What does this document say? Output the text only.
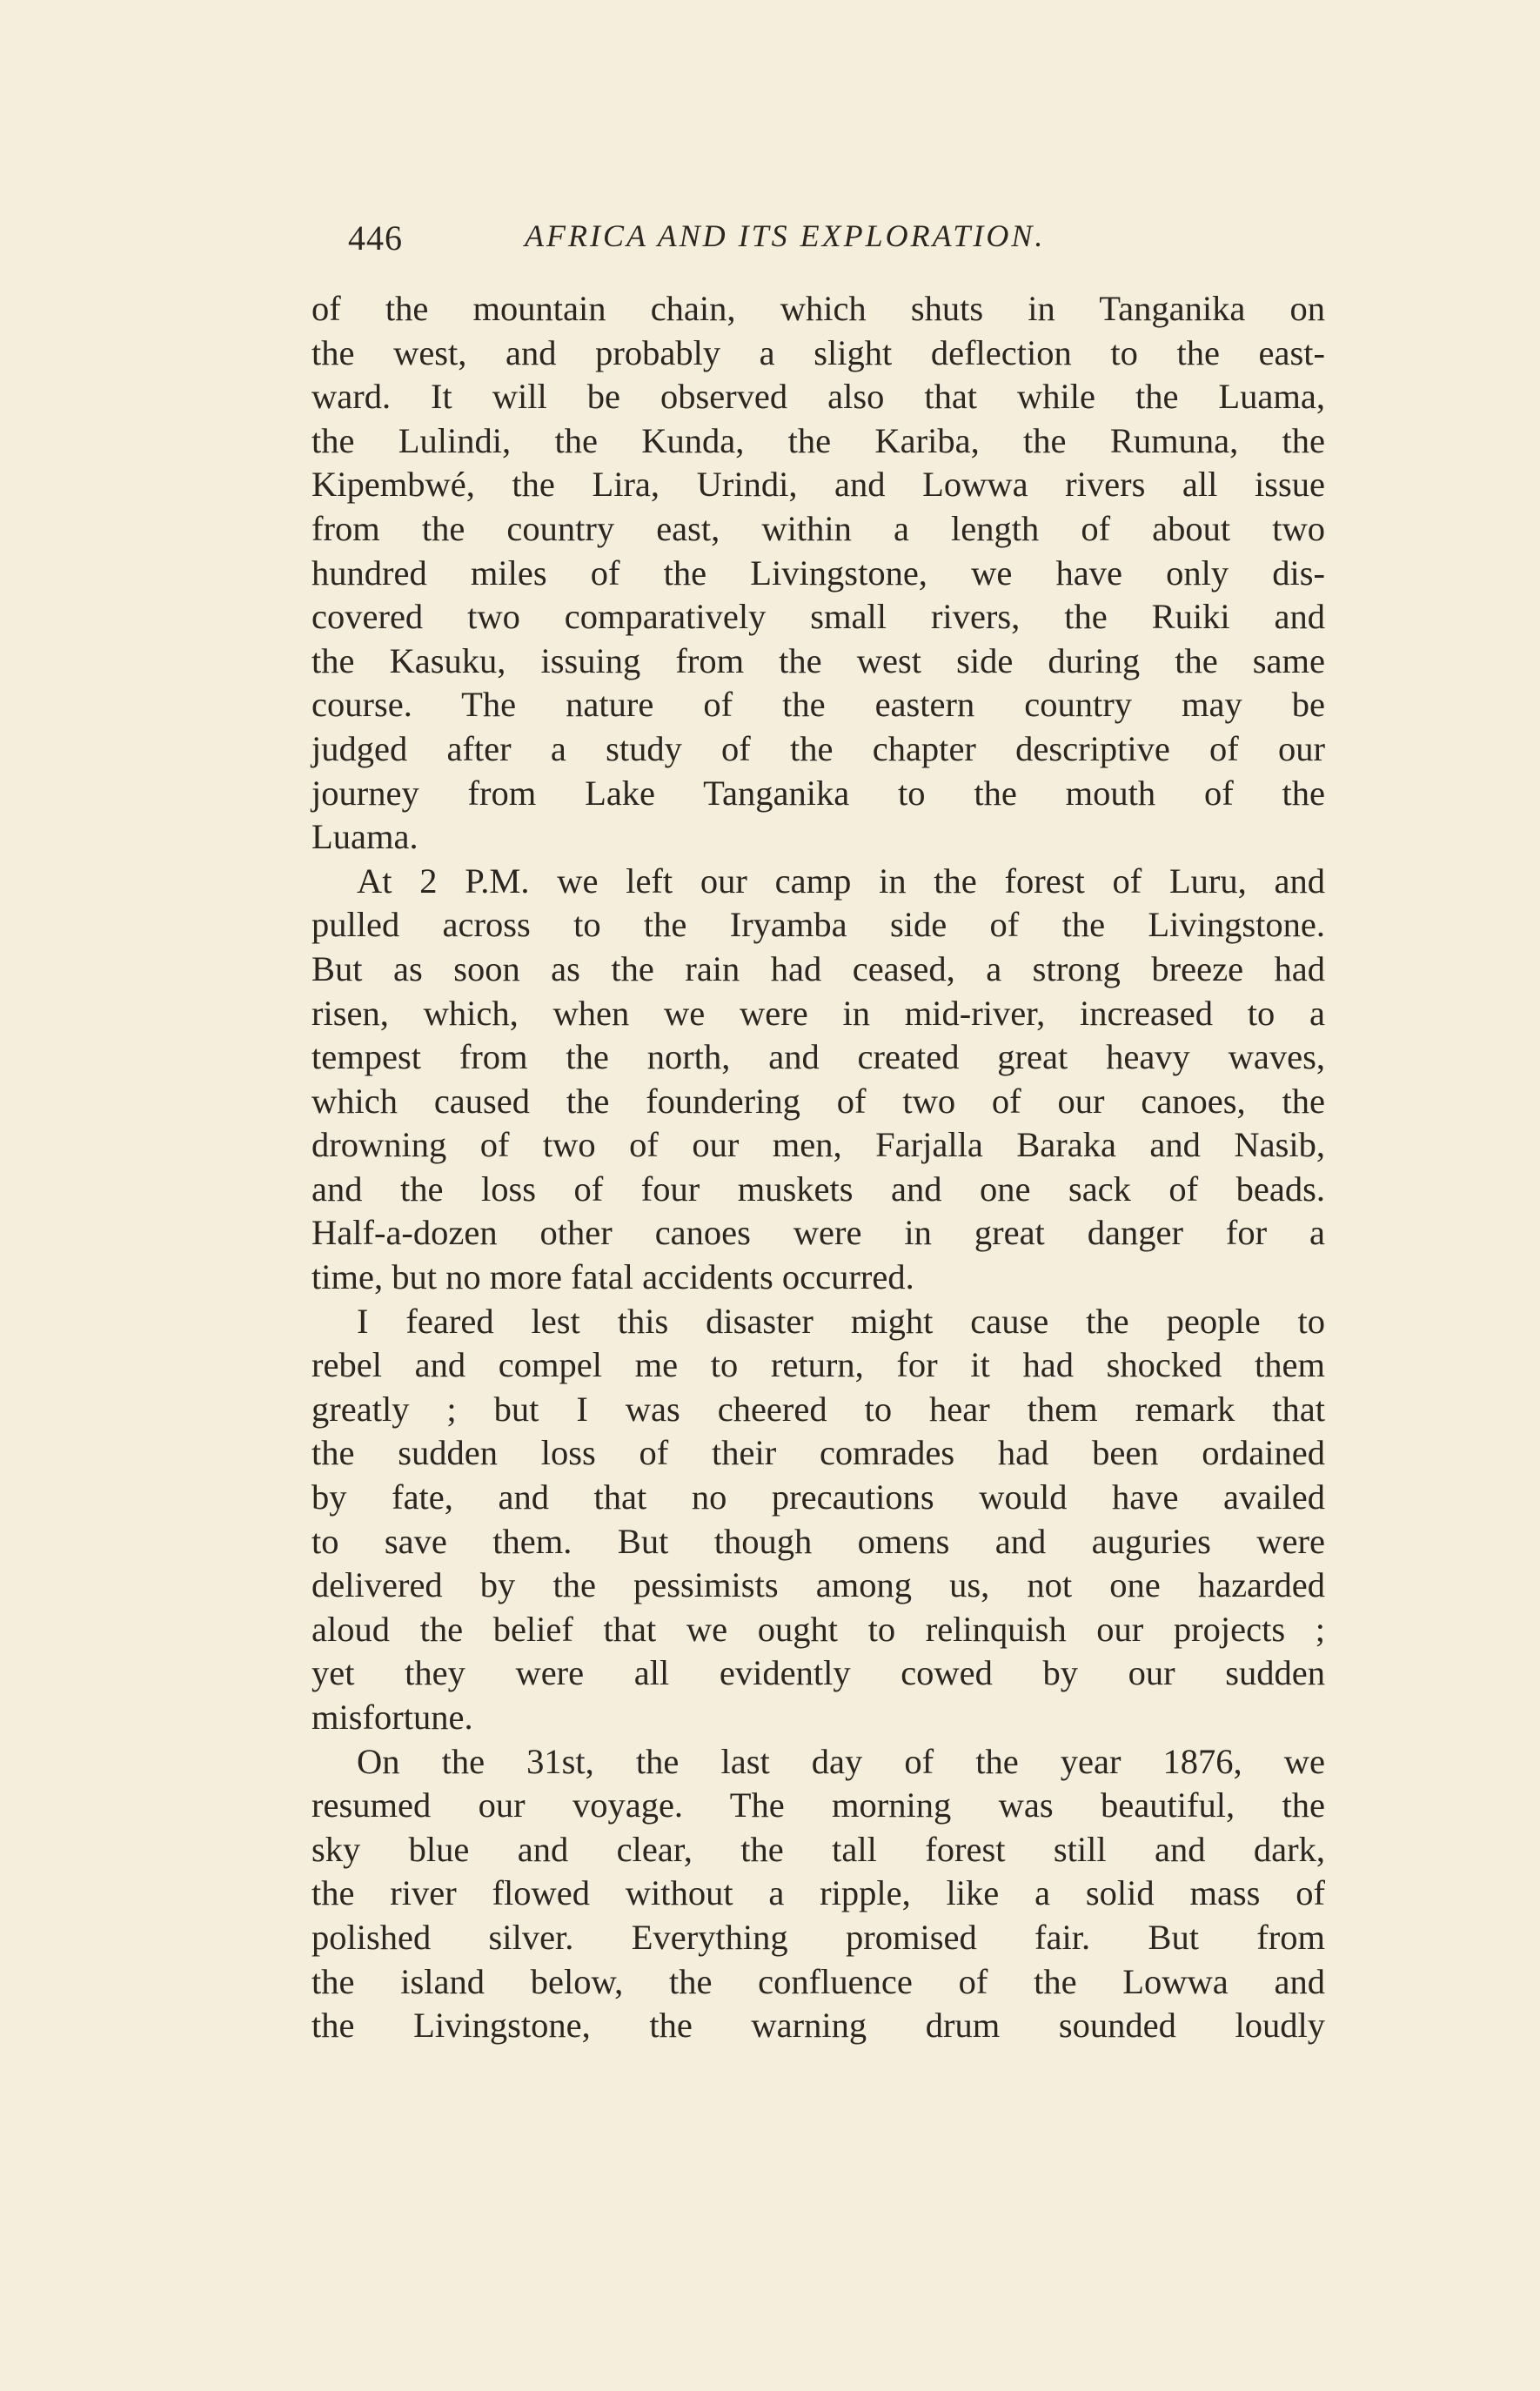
446	AFRICA AND ITS EXPLORATION.
of the mountain chain, which shuts in Tanganika on
the west, and probably a slight deflection to the east-
ward. It will be observed also that while the Luama,
the Lulindi, the Kunda, the Kariba, the Rumuna, the
Kipembwé, the Lira, Urindi, and Lowwa rivers all issue
from the country east, within a length of about two
hundred miles of the Livingstone, we have only dis-
covered two comparatively small rivers, the Ruiki and
the Kasuku, issuing from the west side during the same
course. The nature of the eastern country may be
judged after a study of the chapter descriptive of our
journey from Lake Tanganika to the mouth of the
Luama.
At 2 P.M. we left our camp in the forest of Luru, and
pulled across to the Iryamba side of the Livingstone.
But as soon as the rain had ceased, a strong breeze had
risen, which, when we were in mid-river, increased to a
tempest from the north, and created great heavy waves,
which caused the foundering of two of our canoes, the
drowning of two of our men, Farjalla Baraka and Nasib,
and the loss of four muskets and one sack of beads.
Half-a-dozen other canoes were in great danger for a
time, but no more fatal accidents occurred.
I feared lest this disaster might cause the people to
rebel and compel me to return, for it had shocked them
greatly ; but I was cheered to hear them remark that
the sudden loss of their comrades had been ordained
by fate, and that no precautions would have availed
to save them. But though omens and auguries were
delivered by the pessimists among us, not one hazarded
aloud the belief that we ought to relinquish our projects ;
yet they were all evidently cowed by our sudden
misfortune.
On the 31st, the last day of the year 1876, we
resumed our voyage. The morning was beautiful, the
sky blue and clear, the tall forest still and dark,
the river flowed without a ripple, like a solid mass of
polished silver. Everything promised fair. But from
the island below, the confluence of the Lowwa and
the Livingstone, the warning drum sounded loudly
